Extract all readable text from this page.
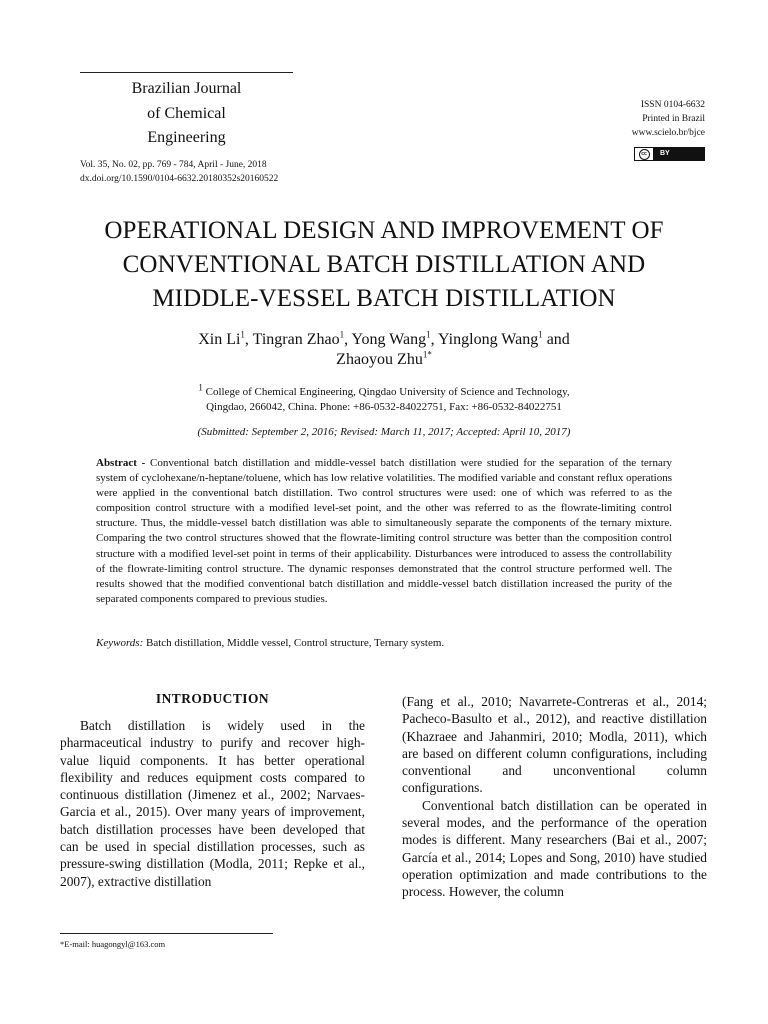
Brazilian Journal
of Chemical
Engineering
Vol. 35, No. 02, pp. 769 - 784, April - June, 2018
dx.doi.org/10.1590/0104-6632.20180352s20160522
ISSN 0104-6632
Printed in Brazil
www.scielo.br/bjce
cc	BY
OPERATIONAL DESIGN AND IMPROVEMENT OF
CONVENTIONAL BATCH DISTILLATION AND
MIDDLE-VESSEL BATCH DISTILLATION
Xin Li$^1$, Tingran Zhao$^1$, Yong Wang$^1$, Yinglong Wang$^1$ and
Zhaoyou Zhu$^{1*}$
$^1$ College of Chemical Engineering, Qingdao University of Science and Technology,
Qingdao, 266042, China. Phone: +86-0532-84022751, Fax: +86-0532-84022751
(Submitted: September 2, 2016; Revised: March 11, 2017; Accepted: April 10, 2017)
Abstract - Conventional batch distillation and middle-vessel batch distillation were studied for the separation of the ternary system of cyclohexane/n-heptane/toluene, which has low relative volatilities. The modified variable and constant reflux operations were applied in the conventional batch distillation. Two control structures were used: one of which was referred to as the composition control structure with a modified level-set point, and the other was referred to as the flowrate-limiting control structure. Thus, the middle-vessel batch distillation was able to simultaneously separate the components of the ternary mixture. Comparing the two control structures showed that the flowrate-limiting control structure was better than the composition control structure with a modified level-set point in terms of their applicability. Disturbances were introduced to assess the controllability of the flowrate-limiting control structure. The dynamic responses demonstrated that the control structure performed well. The results showed that the modified conventional batch distillation and middle-vessel batch distillation increased the purity of the separated components compared to previous studies.
Keywords: Batch distillation, Middle vessel, Control structure, Ternary system.
INTRODUCTION

Batch distillation is widely used in the pharmaceutical industry to purify and recover high-value liquid components. It has better operational flexibility and reduces equipment costs compared to continuous distillation (Jimenez et al., 2002; Narvaes-Garcia et al., 2015). Over many years of improvement, batch distillation processes have been developed that can be used in special distillation processes, such as pressure-swing distillation (Modla, 2011; Repke et al., 2007), extractive distillation

(Fang et al., 2010; Navarrete-Contreras et al., 2014; Pacheco-Basulto et al., 2012), and reactive distillation (Khazraee and Jahanmiri, 2010; Modla, 2011), which are based on different column configurations, including conventional and unconventional column configurations.

Conventional batch distillation can be operated in several modes, and the performance of the operation modes is different. Many researchers (Bai et al., 2007; García et al., 2014; Lopes and Song, 2010) have studied operation optimization and made contributions to the process. However, the column

*E-mail: huagongyl@163.com
